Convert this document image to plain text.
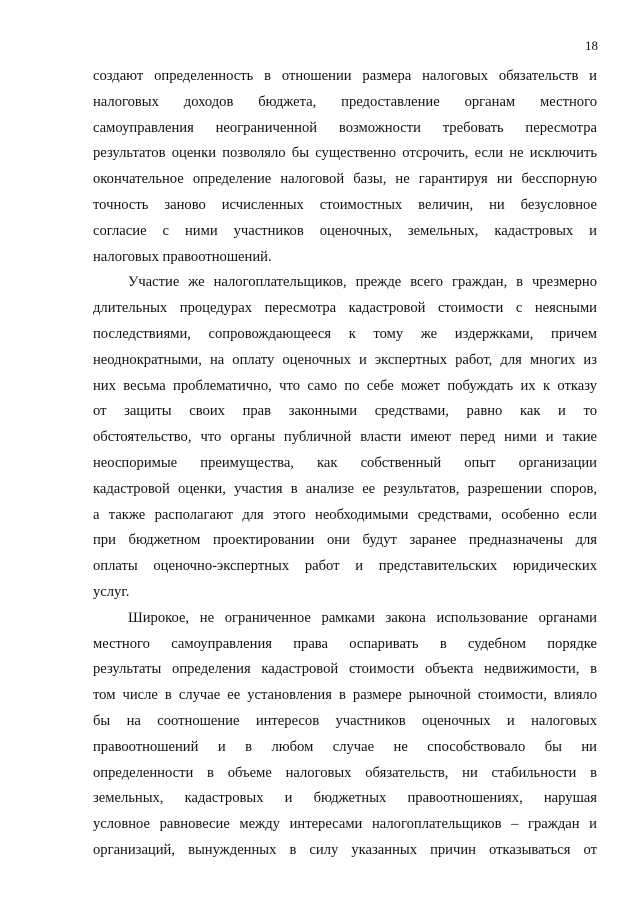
18
создают определенность в отношении размера налоговых обязательств и
налоговых доходов бюджета, предоставление органам местного
самоуправления неограниченной возможности требовать пересмотра
результатов оценки позволяло бы существенно отсрочить, если не исключить
окончательное определение налоговой базы, не гарантируя ни бесспорную
точность заново исчисленных стоимостных величин, ни безусловное
согласие с ними участников оценочных, земельных, кадастровых и
налоговых правоотношений.
Участие же налогоплательщиков, прежде всего граждан, в чрезмерно
длительных процедурах пересмотра кадастровой стоимости с неясными
последствиями, сопровождающееся к тому же издержками, причем
неоднократными, на оплату оценочных и экспертных работ, для многих из
них весьма проблематично, что само по себе может побуждать их к отказу
от защиты своих прав законными средствами, равно как и то
обстоятельство, что органы публичной власти имеют перед ними и такие
неоспоримые преимущества, как собственный опыт организации
кадастровой оценки, участия в анализе ее результатов, разрешении споров,
а также располагают для этого необходимыми средствами, особенно если
при бюджетном проектировании они будут заранее предназначены для
оплаты оценочно-экспертных работ и представительских юридических
услуг.
Широкое, не ограниченное рамками закона использование органами
местного самоуправления права оспаривать в судебном порядке
результаты определения кадастровой стоимости объекта недвижимости, в
том числе в случае ее установления в размере рыночной стоимости, влияло
бы на соотношение интересов участников оценочных и налоговых
правоотношений и в любом случае не способствовало бы ни
определенности в объеме налоговых обязательств, ни стабильности в
земельных, кадастровых и бюджетных правоотношениях, нарушая
условное равновесие между интересами налогоплательщиков – граждан и
организаций, вынужденных в силу указанных причин отказываться от
